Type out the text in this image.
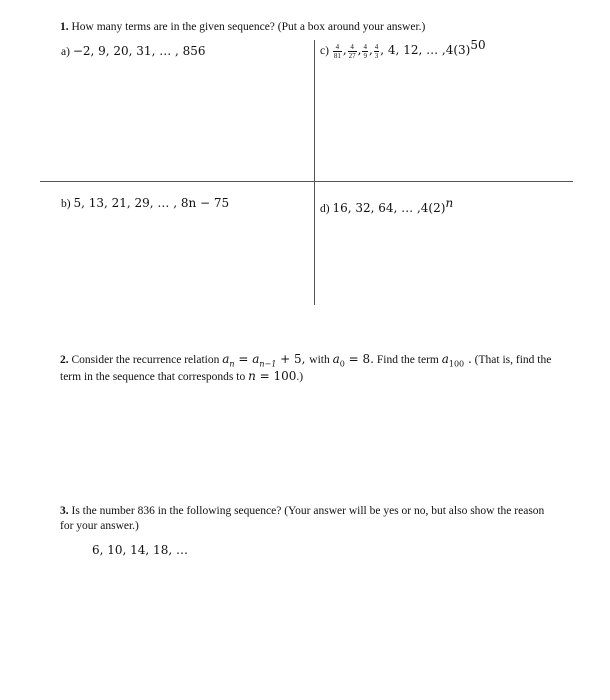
1. How many terms are in the given sequence? (Put a box around your answer.)
a) −2, 9, 20, 31, … , 856	$c) \frac{4}{81}$ , $\frac{4}{27}$ , $\frac{4}{9}$ , $\frac{4}{3}$ , 4, 12, … $,4(3)^{50}$
b) 5, 13, 21, 29, … , 8n − 75	d) 16, 32, 64, … $,4(2)^n$
2. Consider the recurrence relation $a_n = a_{n-1} + 5$, with $a_0 = 8$. Find the term $a_{100}$ . (That is, find the
term in the sequence that corresponds to n = 100.)
3. Is the number 836 in the following sequence? (Your answer will be yes or no, but also show the reason
for your answer.)
6, 10, 14, 18, …
